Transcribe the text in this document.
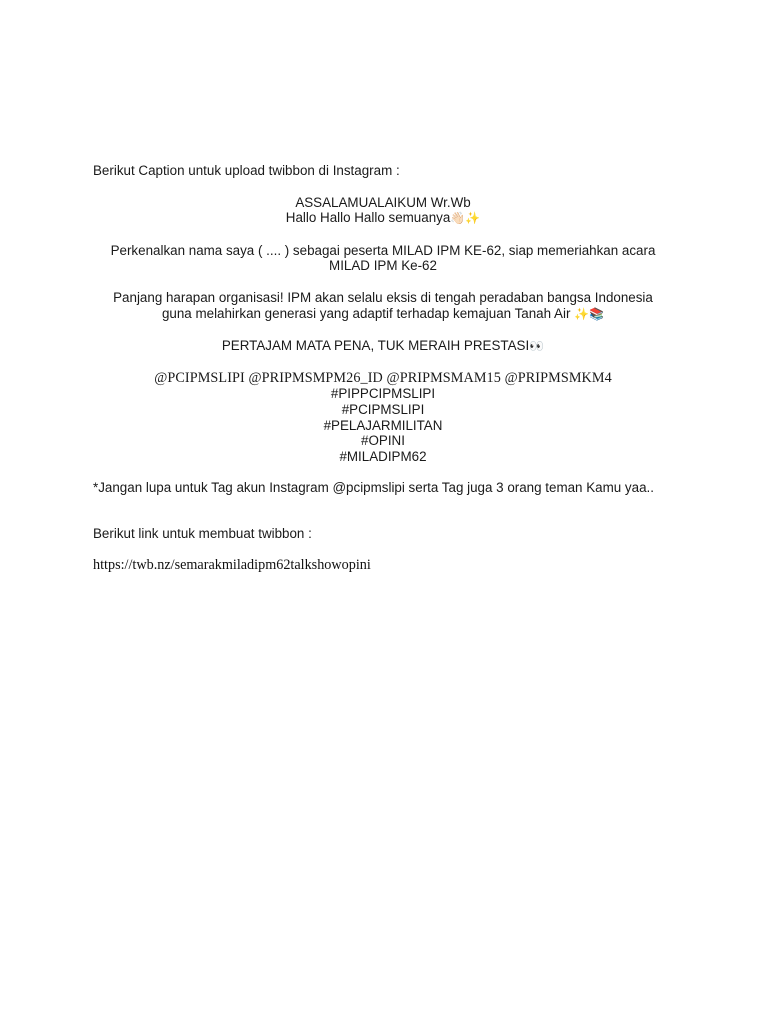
Berikut Caption untuk upload twibbon di Instagram :

ASSALAMUALAIKUM Wr.Wb

Hallo Hallo Hallo semuanya👋🏻✨

Perkenalkan nama saya ( .... ) sebagai peserta MILAD IPM KE-62, siap memeriahkan acara

MILAD IPM Ke-62

Panjang harapan organisasi! IPM akan selalu eksis di tengah peradaban bangsa Indonesia

guna melahirkan generasi yang adaptif terhadap kemajuan Tanah Air ✨📚

PERTAJAM MATA PENA, TUK MERAIH PRESTASI👀

@PCIPMSLIPI @PRIPMSMPM26_ID @PRIPMSMAM15 @PRIPMSMKM4

#PIPPCIPMSLIPI

#PCIPMSLIPI

#PELAJARMILITAN

#OPINI

#MILADIPM62

*Jangan lupa untuk Tag akun Instagram @pcipmslipi serta Tag juga 3 orang teman Kamu yaa..

Berikut link untuk membuat twibbon :

https://twb.nz/semarakmiladipm62talkshowopini
